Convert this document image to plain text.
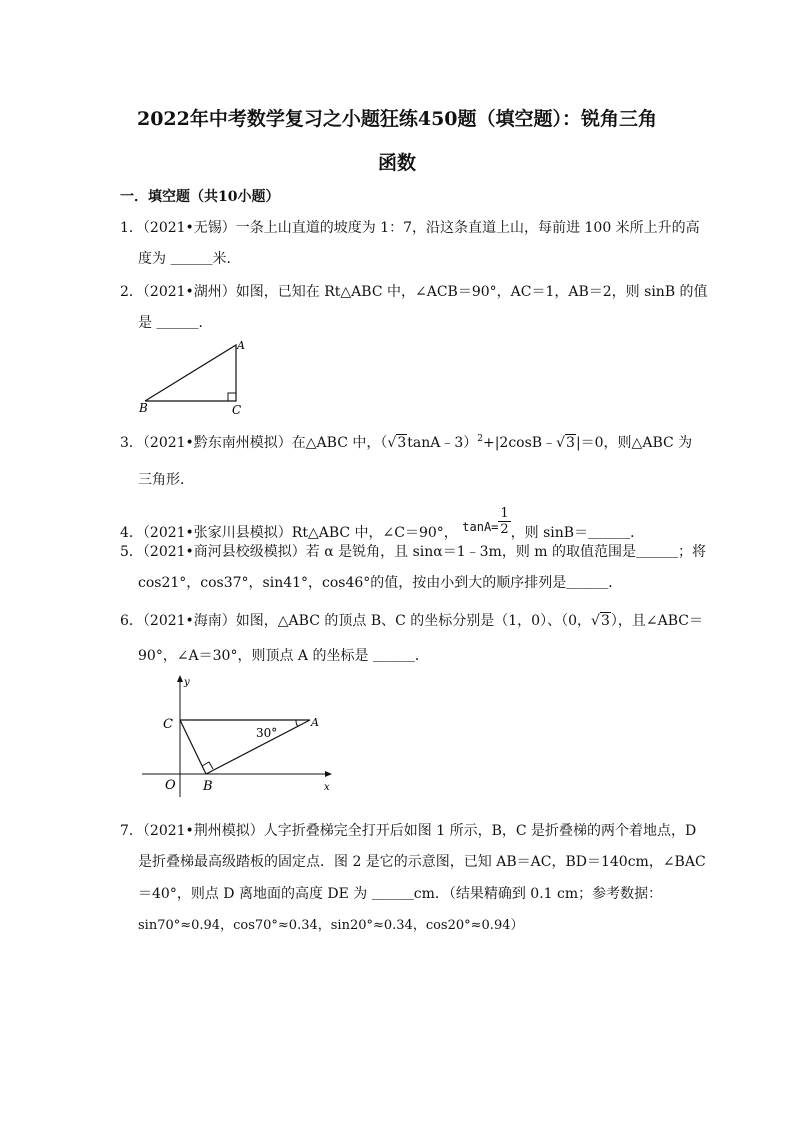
2022年中考数学复习之小题狂练450题（填空题）：锐角三角
函数
一．填空题（共10小题）
1．（2021•无锡）一条上山直道的坡度为 1：7，沿这条直道上山，每前进 100 米所上升的高
度为 ＿＿＿米．
2．（2021•湖州）如图，已知在 Rt△ABC 中，∠ACB＝90°，AC＝1，AB＝2，则 sinB 的值
是 ＿＿＿．
A
B	C
3．（2021•黔东南州模拟）在△ABC 中，（√3tanA﹣3）$^2$+|2cosB﹣√3|＝0，则△ABC 为
三角形．
4．（2021•张家川县模拟）Rt△ABC 中，∠C＝90°， $\tan A= \frac{1}{2}$ ，则 sinB＝＿＿＿．
5．（2021•商河县校级模拟）若 α 是锐角，且 sinα＝1﹣3m，则 m 的取值范围是＿＿＿；将
cos21°，cos37°，sin41°，cos46°的值，按由小到大的顺序排列是＿＿＿．
6．（2021•海南）如图，△ABC 的顶点 B、C 的坐标分别是（1，0）、（0，√3），且∠ABC＝
90°，∠A＝30°，则顶点 A 的坐标是 ＿＿＿．
y
x
C	A
O B
30°
7．（2021•荆州模拟）人字折叠梯完全打开后如图 1 所示，B，C 是折叠梯的两个着地点，D
是折叠梯最高级踏板的固定点．图 2 是它的示意图，已知 AB＝AC，BD＝140cm，∠BAC
＝40°，则点 D 离地面的高度 DE 为 ＿＿＿cm．（结果精确到 0.1 cm；参考数据：
sin70°≈0.94，cos70°≈0.34，sin20°≈0.34，cos20°≈0.94）
